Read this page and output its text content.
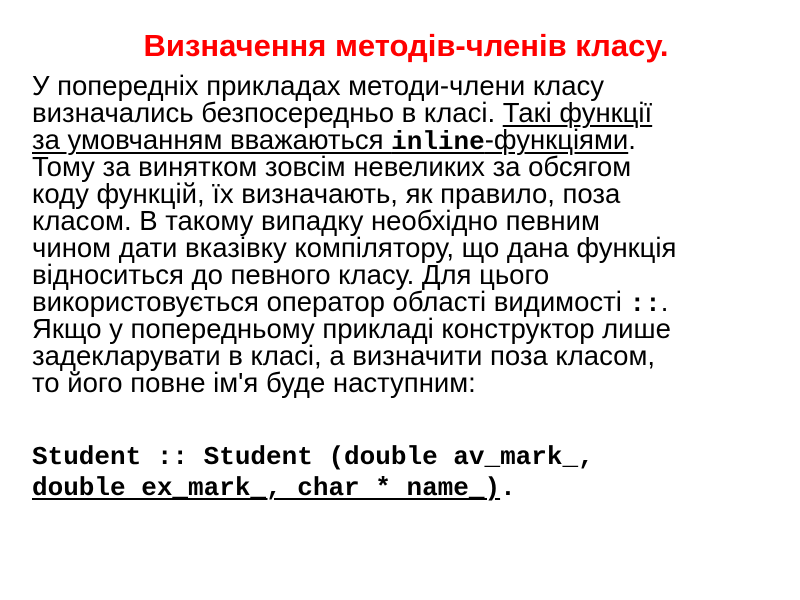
Визначення методів-членів класу.
У попередніх прикладах методи-члени класу
визначались безпосередньо в класі. Такі функції
за умовчанням вважаються inline-функціями.
Тому за винятком зовсім невеликих за обсягом
коду функцій, їх визначають, як правило, поза
класом. В такому випадку необхідно певним
чином дати вказівку компілятору, що дана функція
відноситься до певного класу. Для цього
використовується оператор області видимості ::.
Якщо у попередньому прикладі конструктор лише
задекларувати в класі, а визначити поза класом,
то його повне ім'я буде наступним:
Student :: Student (double av_mark_,
double ex_mark_, char * name_).
